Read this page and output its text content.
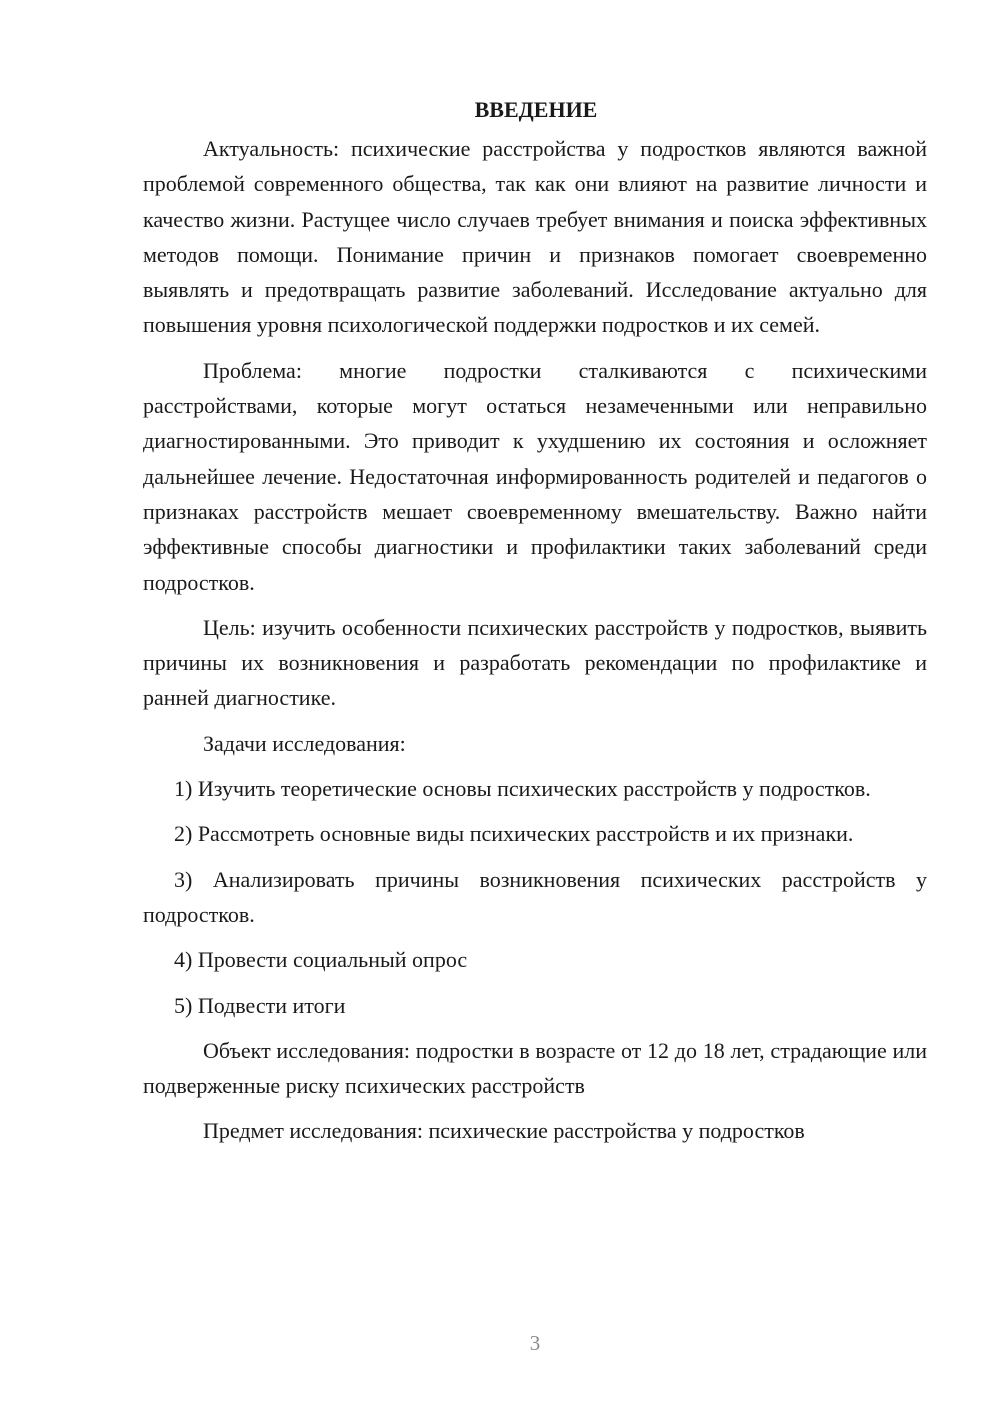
ВВЕДЕНИЕ

Актуальность: психические расстройства у подростков являются важной проблемой современного общества, так как они влияют на развитие личности и качество жизни. Растущее число случаев требует внимания и поиска эффективных методов помощи. Понимание причин и признаков помогает своевременно выявлять и предотвращать развитие заболеваний. Исследование актуально для повышения уровня психологической поддержки подростков и их семей.

Проблема: многие подростки сталкиваются с психическими расстройствами, которые могут остаться незамеченными или неправильно диагностированными. Это приводит к ухудшению их состояния и осложняет дальнейшее лечение. Недостаточная информированность родителей и педагогов о признаках расстройств мешает своевременному вмешательству. Важно найти эффективные способы диагностики и профилактики таких заболеваний среди подростков.

Цель: изучить особенности психических расстройств у подростков, выявить причины их возникновения и разработать рекомендации по профилактике и ранней диагностике.

Задачи исследования:

1) Изучить теоретические основы психических расстройств у подростков.

2) Рассмотреть основные виды психических расстройств и их признаки.

3) Анализировать причины возникновения психических расстройств у подростков.

4) Провести социальный опрос

5) Подвести итоги

Объект исследования: подростки в возрасте от 12 до 18 лет, страдающие или подверженные риску психических расстройств

Предмет исследования: психические расстройства у подростков

3
